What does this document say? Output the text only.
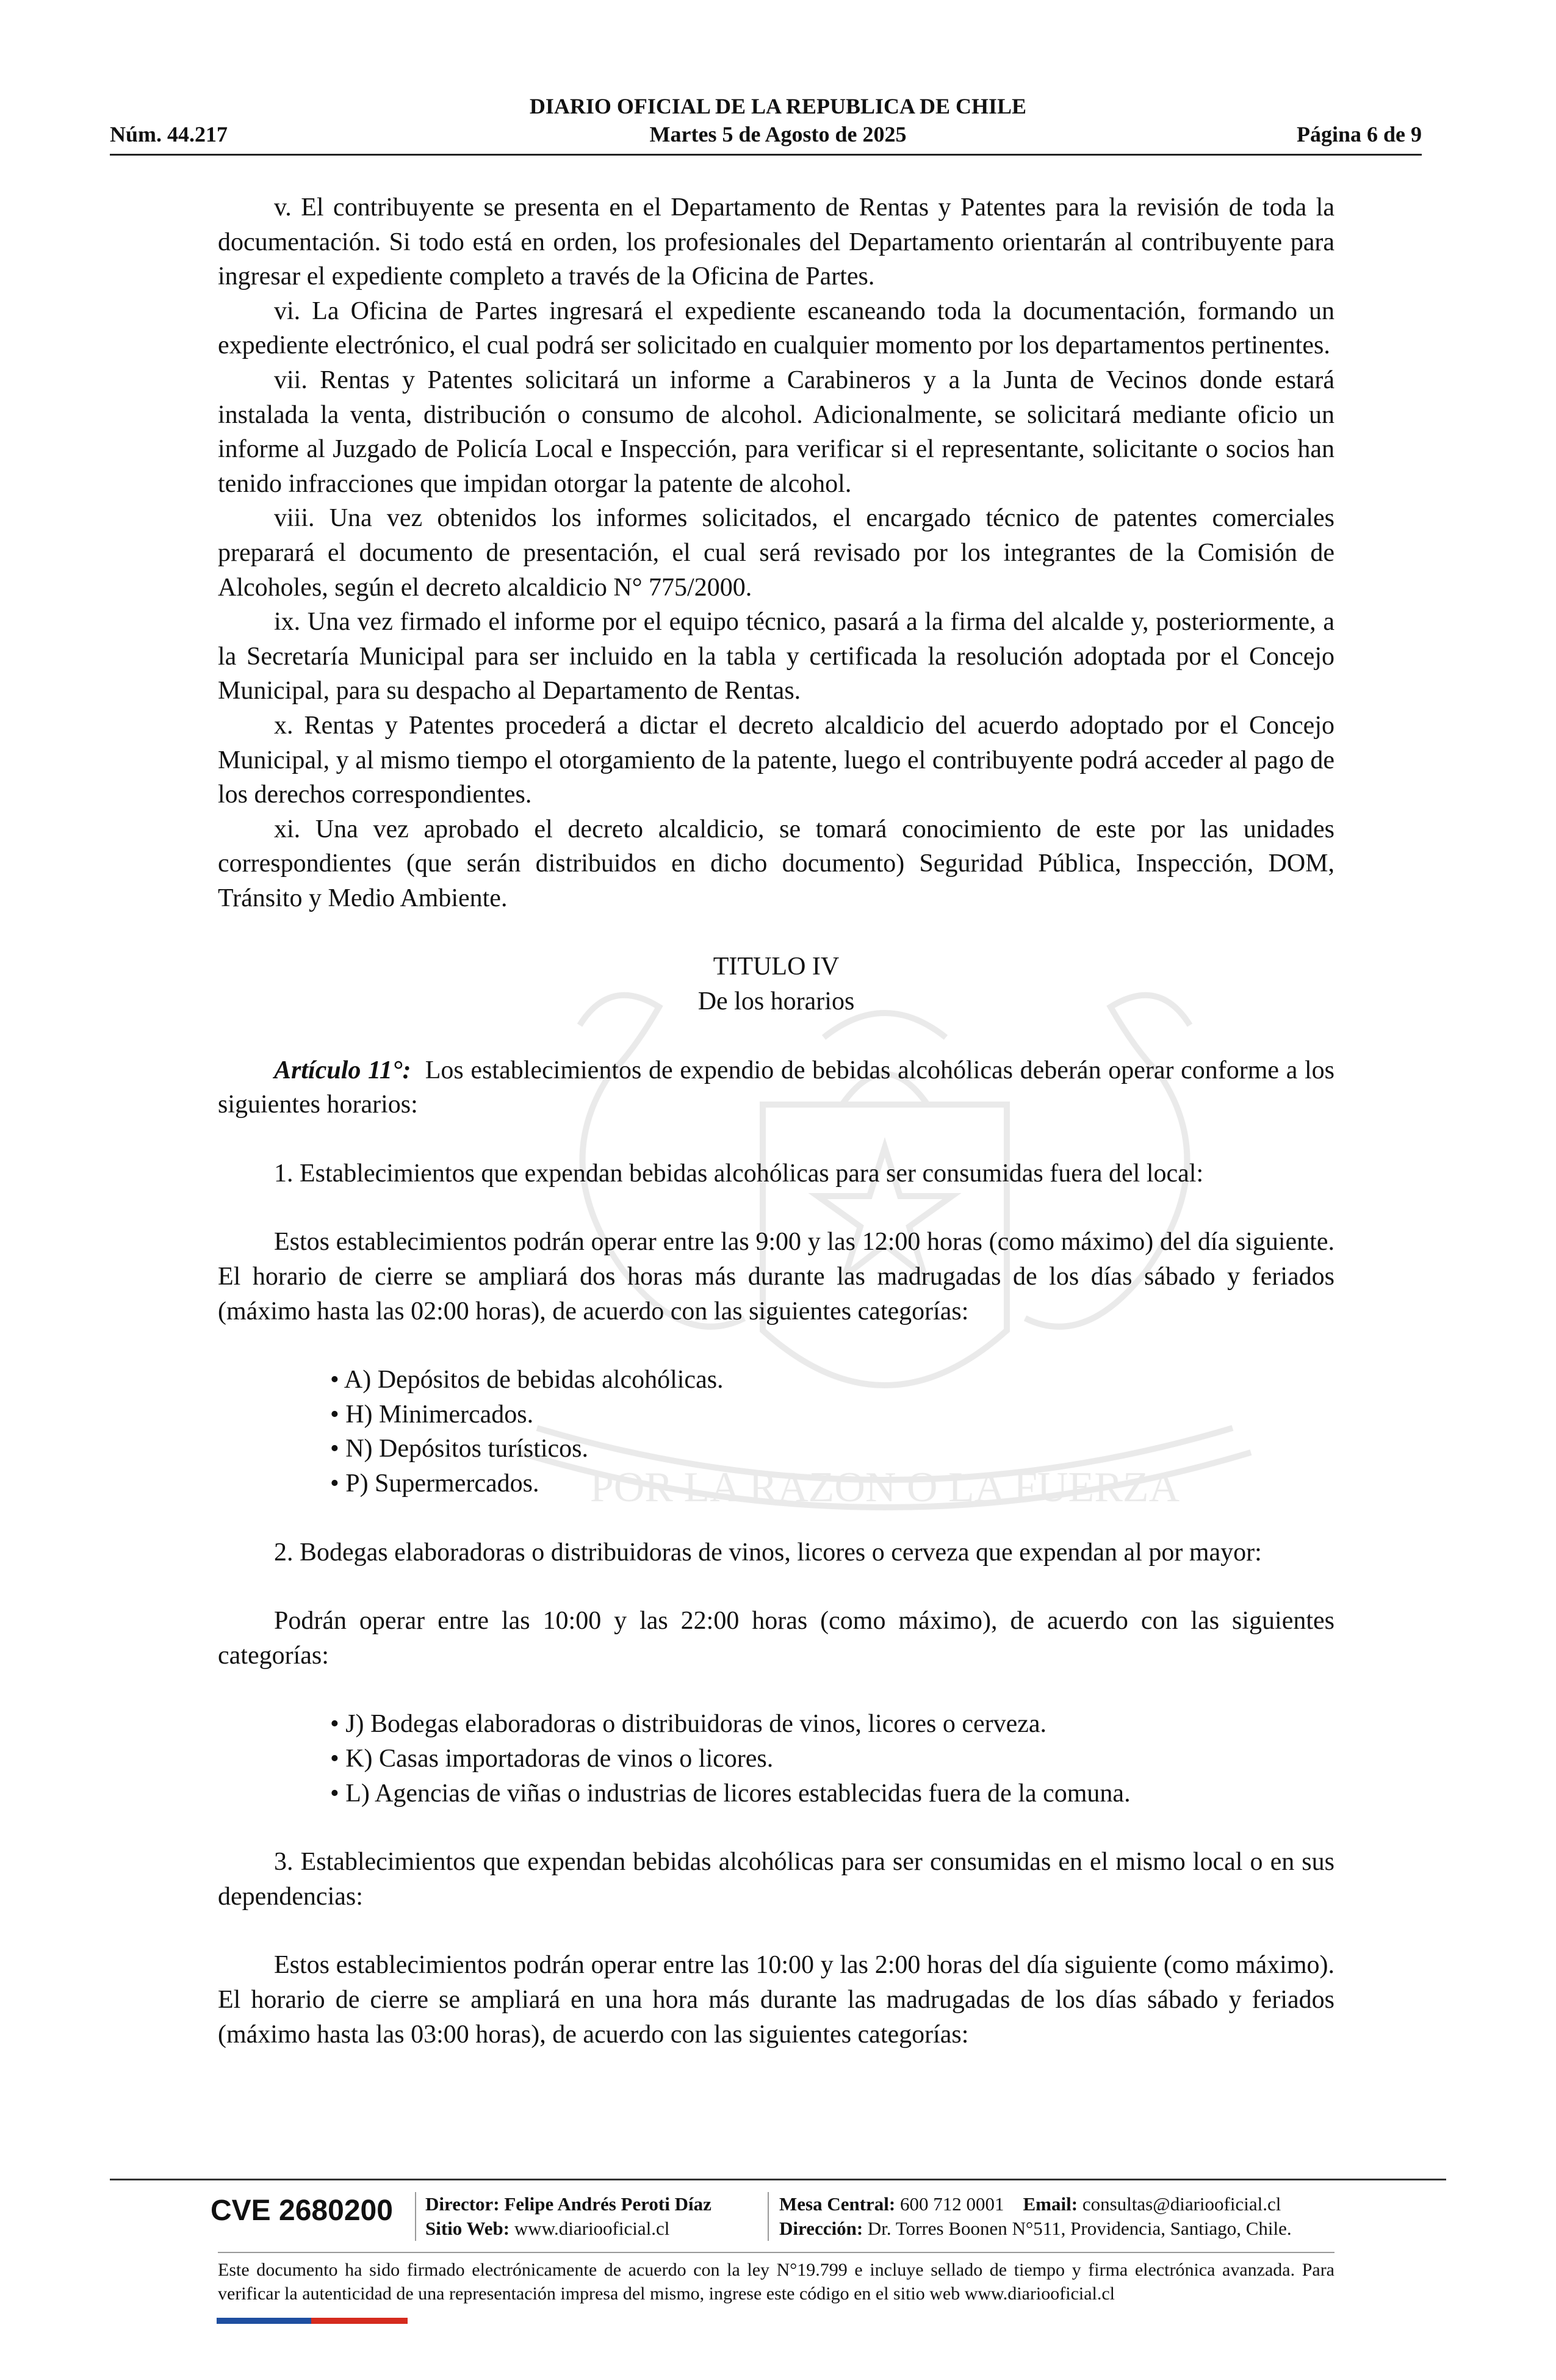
POR LA RAZON O LA FUERZA
DIARIO OFICIAL DE LA REPUBLICA DE CHILE
Núm. 44.217	Martes 5 de Agosto de 2025	Página 6 de 9

v. El contribuyente se presenta en el Departamento de Rentas y Patentes para la revisión de toda la documentación. Si todo está en orden, los profesionales del Departamento orientarán al contribuyente para ingresar el expediente completo a través de la Oficina de Partes.

vi. La Oficina de Partes ingresará el expediente escaneando toda la documentación, formando un expediente electrónico, el cual podrá ser solicitado en cualquier momento por los departamentos pertinentes.

vii. Rentas y Patentes solicitará un informe a Carabineros y a la Junta de Vecinos donde estará instalada la venta, distribución o consumo de alcohol. Adicionalmente, se solicitará mediante oficio un informe al Juzgado de Policía Local e Inspección, para verificar si el representante, solicitante o socios han tenido infracciones que impidan otorgar la patente de alcohol.

viii. Una vez obtenidos los informes solicitados, el encargado técnico de patentes comerciales preparará el documento de presentación, el cual será revisado por los integrantes de la Comisión de Alcoholes, según el decreto alcaldicio N° 775/2000.

ix. Una vez firmado el informe por el equipo técnico, pasará a la firma del alcalde y, posteriormente, a la Secretaría Municipal para ser incluido en la tabla y certificada la resolución adoptada por el Concejo Municipal, para su despacho al Departamento de Rentas.

x. Rentas y Patentes procederá a dictar el decreto alcaldicio del acuerdo adoptado por el Concejo Municipal, y al mismo tiempo el otorgamiento de la patente, luego el contribuyente podrá acceder al pago de los derechos correspondientes.

xi. Una vez aprobado el decreto alcaldicio, se tomará conocimiento de este por las unidades correspondientes (que serán distribuidos en dicho documento) Seguridad Pública, Inspección, DOM, Tránsito y Medio Ambiente.

TITULO IV

De los horarios

Artículo 11°: Los establecimientos de expendio de bebidas alcohólicas deberán operar conforme a los siguientes horarios:

1. Establecimientos que expendan bebidas alcohólicas para ser consumidas fuera del local:

Estos establecimientos podrán operar entre las 9:00 y las 12:00 horas (como máximo) del día siguiente. El horario de cierre se ampliará dos horas más durante las madrugadas de los días sábado y feriados (máximo hasta las 02:00 horas), de acuerdo con las siguientes categorías:

• A) Depósitos de bebidas alcohólicas.

• H) Minimercados.

• N) Depósitos turísticos.

• P) Supermercados.

2. Bodegas elaboradoras o distribuidoras de vinos, licores o cerveza que expendan al por mayor:

Podrán operar entre las 10:00 y las 22:00 horas (como máximo), de acuerdo con las siguientes categorías:

• J) Bodegas elaboradoras o distribuidoras de vinos, licores o cerveza.

• K) Casas importadoras de vinos o licores.

• L) Agencias de viñas o industrias de licores establecidas fuera de la comuna.

3. Establecimientos que expendan bebidas alcohólicas para ser consumidas en el mismo local o en sus dependencias:

Estos establecimientos podrán operar entre las 10:00 y las 2:00 horas del día siguiente (como máximo). El horario de cierre se ampliará en una hora más durante las madrugadas de los días sábado y feriados (máximo hasta las 03:00 horas), de acuerdo con las siguientes categorías:

CVE 2680200 Director: Felipe Andrés Peroti Díaz
Sitio Web: www.diariooficial.cl
Mesa Central: 600 712 0001 Email: consultas@diariooficial.cl
Dirección: Dr. Torres Boonen N°511, Providencia, Santiago, Chile.
Este documento ha sido firmado electrónicamente de acuerdo con la ley N°19.799 e incluye sellado de tiempo y firma electrónica avanzada. Para verificar la autenticidad de una representación impresa del mismo, ingrese este código en el sitio web www.diariooficial.cl
